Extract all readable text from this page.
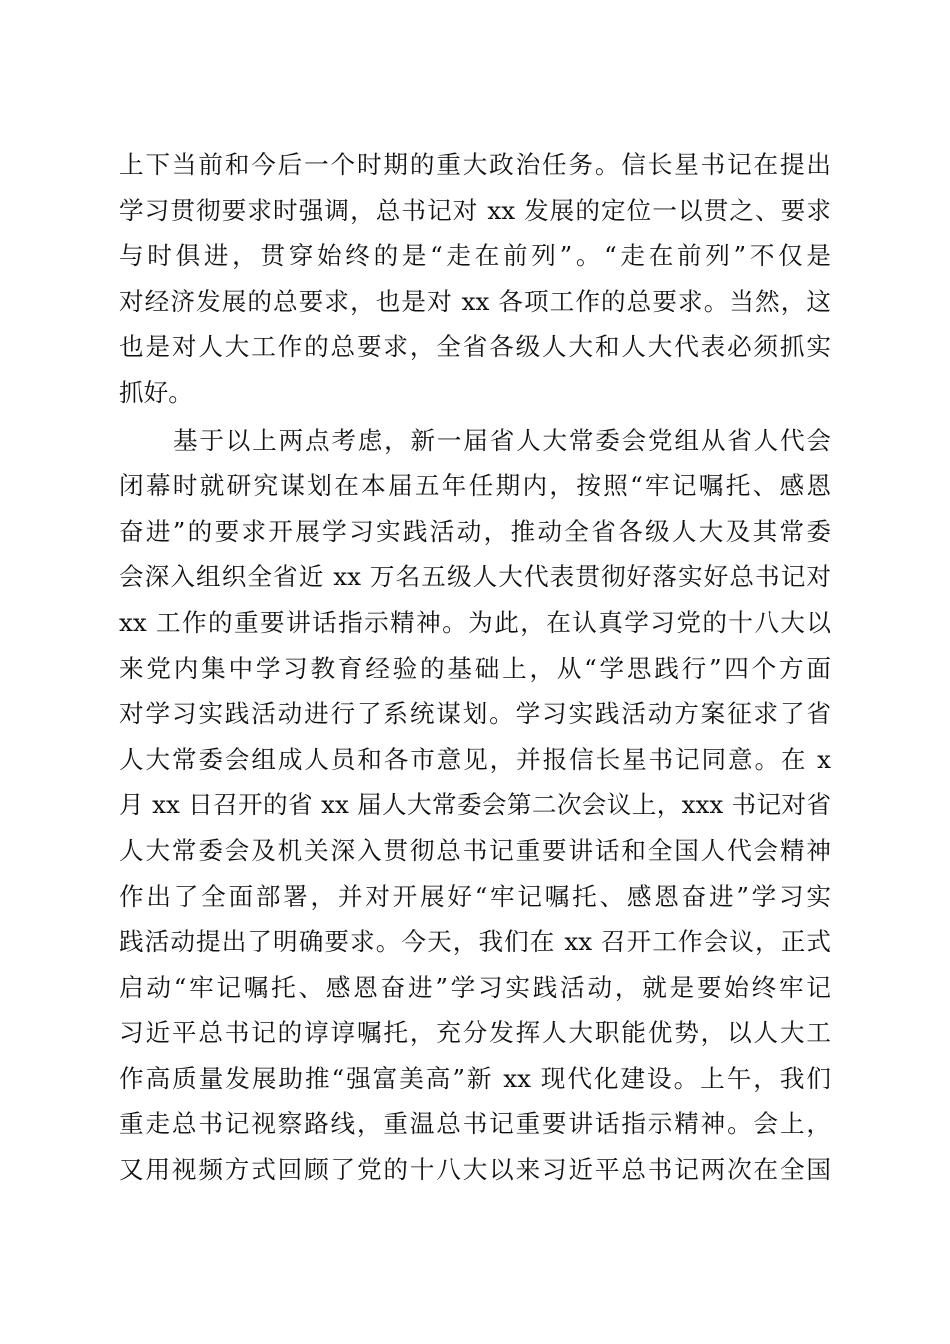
上下当前和今后一个时期的重大政治任务。信长星书记在提出
学习贯彻要求时强调，总书记对 xx 发展的定位一以贯之、要求
与时俱进，贯穿始终的是“走在前列”。“走在前列”不仅是
对经济发展的总要求，也是对 xx 各项工作的总要求。当然，这
也是对人大工作的总要求，全省各级人大和人大代表必须抓实
抓好。
基于以上两点考虑，新一届省人大常委会党组从省人代会
闭幕时就研究谋划在本届五年任期内，按照“牢记嘱托、感恩
奋进”的要求开展学习实践活动，推动全省各级人大及其常委
会深入组织全省近 xx 万名五级人大代表贯彻好落实好总书记对
xx 工作的重要讲话指示精神。为此，在认真学习党的十八大以
来党内集中学习教育经验的基础上，从“学思践行”四个方面
对学习实践活动进行了系统谋划。学习实践活动方案征求了省
人大常委会组成人员和各市意见，并报信长星书记同意。在 x
月 xx 日召开的省 xx 届人大常委会第二次会议上，xxx 书记对省
人大常委会及机关深入贯彻总书记重要讲话和全国人代会精神
作出了全面部署，并对开展好“牢记嘱托、感恩奋进”学习实
践活动提出了明确要求。今天，我们在 xx 召开工作会议，正式
启动“牢记嘱托、感恩奋进”学习实践活动，就是要始终牢记
习近平总书记的谆谆嘱托，充分发挥人大职能优势，以人大工
作高质量发展助推“强富美高”新 xx 现代化建设。上午，我们
重走总书记视察路线，重温总书记重要讲话指示精神。会上，
又用视频方式回顾了党的十八大以来习近平总书记两次在全国
